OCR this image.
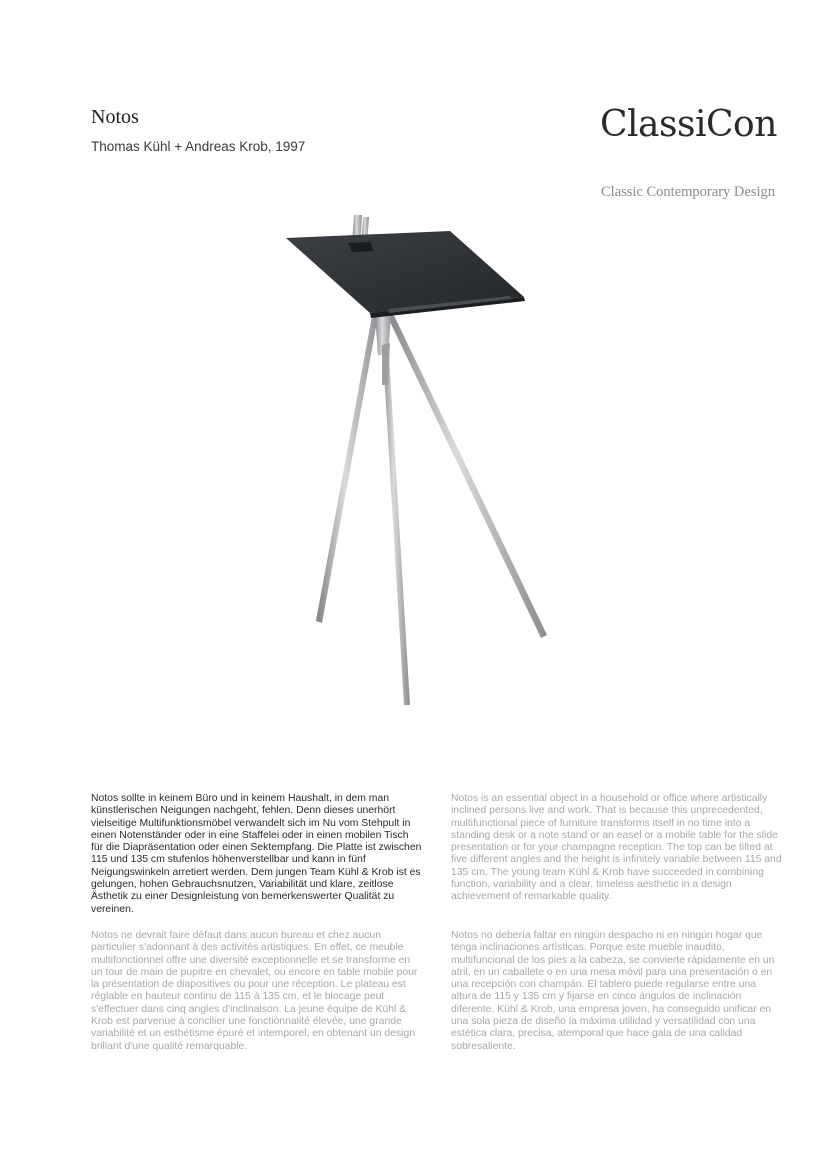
Notos
Thomas Kühl + Andreas Krob, 1997
ClassiCon
Classic Contemporary Design

Notos sollte in keinem Büro und in keinem Haushalt, in dem man künstlerischen Neigungen nachgeht, fehlen. Denn dieses unerhört vielseitige Multifunktionsmöbel verwandelt sich im Nu vom Stehpult in einen Notenständer oder in eine Staffelei oder in einen mobilen Tisch für die Diapräsentation oder einen Sektempfang. Die Platte ist zwischen 115 und 135 cm stufenlos höhenverstellbar und kann in fünf Neigungswinkeln arretiert werden. Dem jungen Team Kühl & Krob ist es gelungen, hohen Gebrauchsnutzen, Variabilität und klare, zeitlose Ästhetik zu einer Designleistung von bemerkenswerter Qualität zu vereinen.

Notos is an essential object in a household or office where artistically inclined persons live and work. That is because this unprecedented, multifunctional piece of furniture transforms itself in no time into a standing desk or a note stand or an easel or a mobile table for the slide presentation or for your champagne reception. The top can be tilted at five different angles and the height is infinitely variable between 115 and 135 cm. The young team Kühl & Krob have succeeded in combining function, variability and a clear, timeless aesthetic in a design achievement of remarkable quality.

Notos ne devrait faire défaut dans aucun bureau et chez aucun particulier s'adonnant à des activités artistiques. En effet, ce meuble multifonctionnel offre une diversité exceptionnelle et se transforme en un tour de main de pupitre en chevalet, ou encore en table mobile pour la présentation de diapositives ou pour une réception. Le plateau est réglable en hauteur continu de 115 à 135 cm, et le blocage peut s'effectuer dans cinq angles d'inclinaison. La jeune équipe de Kühl & Krob est parvenue à concilier une fonctionnalité élevée, une grande variabilité et un esthétisme épuré et intemporel, en obtenant un design brillant d'une qualité remarquable.

Notos no debería faltar en ningún despacho ni en ningún hogar que tenga inclinaciones artísticas. Porque este mueble inaudito, multifuncional de los pies a la cabeza, se convierte rápidamente en un atril, en un caballete o en una mesa móvil para una presentación o en una recepción con champán. El tablero puede regularse entre una altura de 115 y 135 cm y fijarse en cinco ángulos de inclinación diferente. Kühl & Krob, una empresa joven, ha conseguido unificar en una sola pieza de diseño la máxima utilidad y versatilidad con una estética clara, precisa, atemporal que hace gala de una calidad sobresaliente.
